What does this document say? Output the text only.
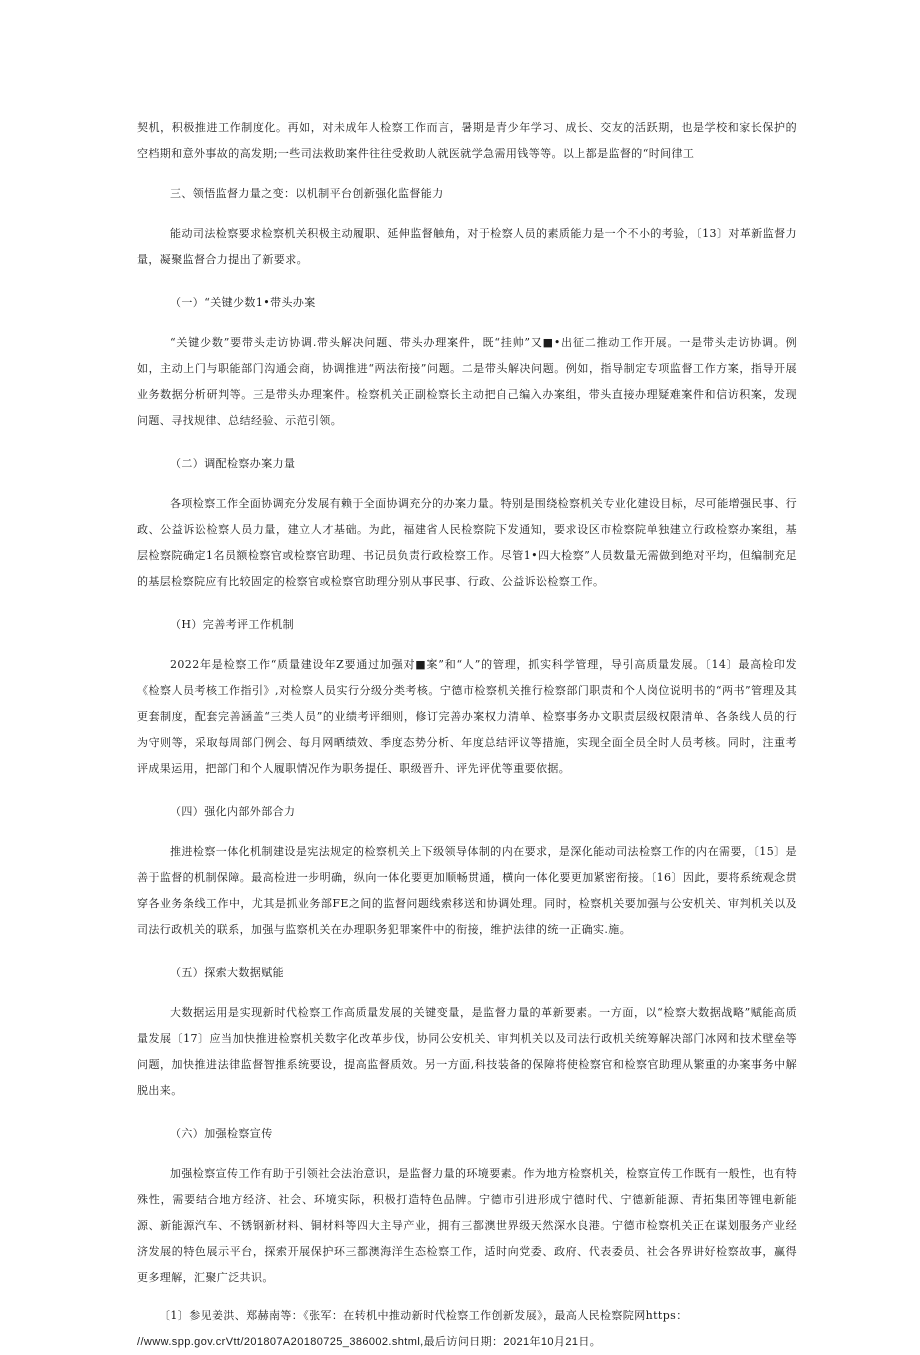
契机，积极推进工作制度化。再如，对未成年人检察工作而言，暑期是青少年学习、成长、交友的活跃期，也是学校和家长保护的空档期和意外事故的高发期;一些司法救助案件往往受救助人就医就学急需用钱等等。以上都是监督的“时间律工

三、领悟监督力量之变：以机制平台创新强化监督能力

能动司法检察要求检察机关积极主动履职、延伸监督触角，对于检察人员的素质能力是一个不小的考验，〔13〕对革新监督力量，凝聚监督合力提出了新要求。

（一）“关键少数1•带头办案

“关键少数”要带头走访协调.带头解决问题、带头办理案件，既“挂帅”又■•出征二推动工作开展。一是带头走访协调。例如，主动上门与职能部门沟通会商，协调推进“两法衔接”问题。二是带头解决问题。例如，指导制定专项监督工作方案，指导开展业务数据分析研判等。三是带头办理案件。检察机关正副检察长主动把自己编入办案组，带头直接办理疑难案件和信访积案，发现问题、寻找规律、总结经验、示范引领。

（二）调配检察办案力量

各项检察工作全面协调充分发展有赖于全面协调充分的办案力量。特别是围绕检察机关专业化建设目标，尽可能增强民事、行政、公益诉讼检察人员力量，建立人才基础。为此，福建省人民检察院下发通知，要求设区市检察院单独建立行政检察办案组，基层检察院确定1名员额检察官或检察官助理、书记员负责行政检察工作。尽管1•四大检察”人员数量无需做到绝对平均，但编制充足的基层检察院应有比较固定的检察官或检察官助理分别从事民事、行政、公益诉讼检察工作。

（H）完善考评工作机制

2022年是检察工作“质量建设年Z要通过加强对■案”和“人”的管理，抓实科学管理，导引高质量发展。〔14〕最高检印发《检察人员考核工作指引》,对检察人员实行分级分类考核。宁德市检察机关推行检察部门职责和个人岗位说明书的“两书”管理及其更套制度，配套完善涵盖“三类人员”的业绩考评细则，修订完善办案权力清单、检察事务办文职责层级权限清单、各条线人员的行为守则等，采取每周部门例会、每月网晒绩效、季度态势分析、年度总结评议等措施，实现全面全员全时人员考核。同时，注重考评成果运用，把部门和个人履职情况作为职务提任、职级晋升、评先评优等重要依据。

（四）强化内部外部合力

推进检察一体化机制建设是宪法规定的检察机关上下级领导体制的内在要求，是深化能动司法检察工作的内在需要，〔15〕是善于监督的机制保障。最高检进一步明确，纵向一体化要更加顺畅贯通，横向一体化要更加紧密衔接。〔16〕因此，要将系统观念贯穿各业务条线工作中，尤其是抓业务部FE之间的监督问题线索移送和协调处理。同时，检察机关要加强与公安机关、审判机关以及司法行政机关的联系，加强与监察机关在办理职务犯罪案件中的衔接，维护法律的统一正确实.施。

（五）探索大数据赋能

大数据运用是实现新时代检察工作高质量发展的关键变量，是监督力量的革新要素。一方面，以“检察大数据战略”赋能高质量发展〔17〕应当加快推进检察机关数字化改革步伐，协同公安机关、审判机关以及司法行政机关统筹解决部门冰网和技术壁垒等问题，加快推进法律监督智推系统要设，提高监督质效。另一方面,科技装备的保障将使检察官和检察官助理从繁重的办案事务中解脱出来。

（六）加强检察宣传

加强检察宣传工作有助于引领社会法治意识，是监督力量的环境要素。作为地方检察机关，检察宣传工作既有一般性，也有特殊性，需要结合地方经济、社会、环境实际，积极打造特色品牌。宁德市引进形成宁德时代、宁德新能源、青拓集团等锂电新能源、新能源汽车、不锈钢新材料、铜材料等四大主导产业，拥有三都澳世界级天然深水良港。宁德市检察机关正在谋划服务产业经济发展的特色展示平台，探索开展保护环三都澳海洋生态检察工作，适时向党委、政府、代表委员、社会各界讲好检察故事，赢得更多理解，汇聚广泛共识。

〔1〕参见姜洪、郑赫南等：《张军：在转机中推动新时代检察工作创新发展》，最高人民检察院网https：

//www.spp.gov.crVtt/201807A20180725_386002.shtml,最后访问日期：2021年10月21日。
